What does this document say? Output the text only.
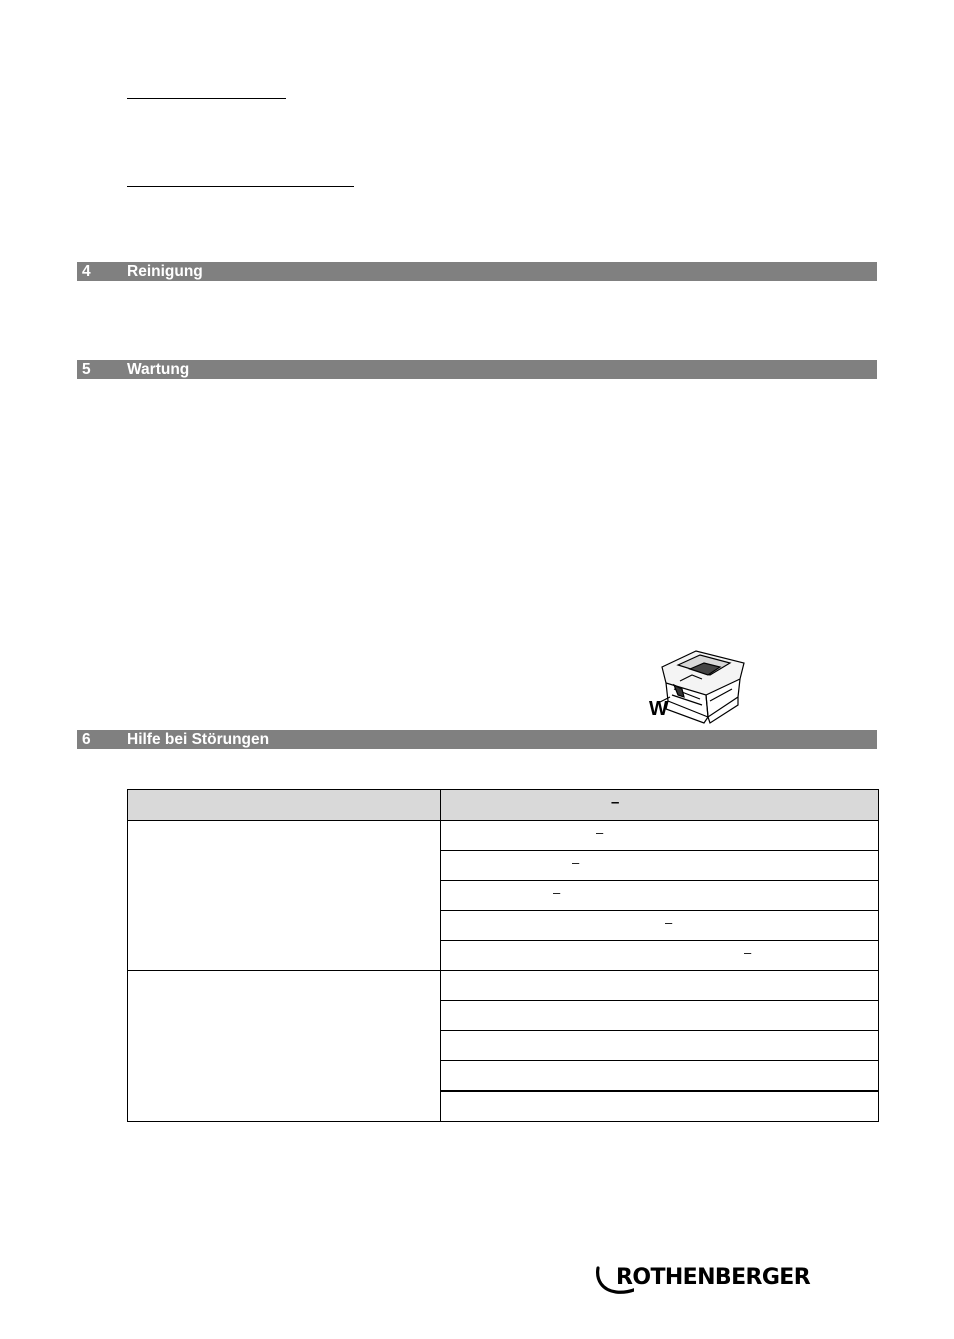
4 Reinigung
5 Wartung
W
6 Hilfe bei Störungen

	–

	–

	–

	–

	–

	–

ROTHENBERGER
